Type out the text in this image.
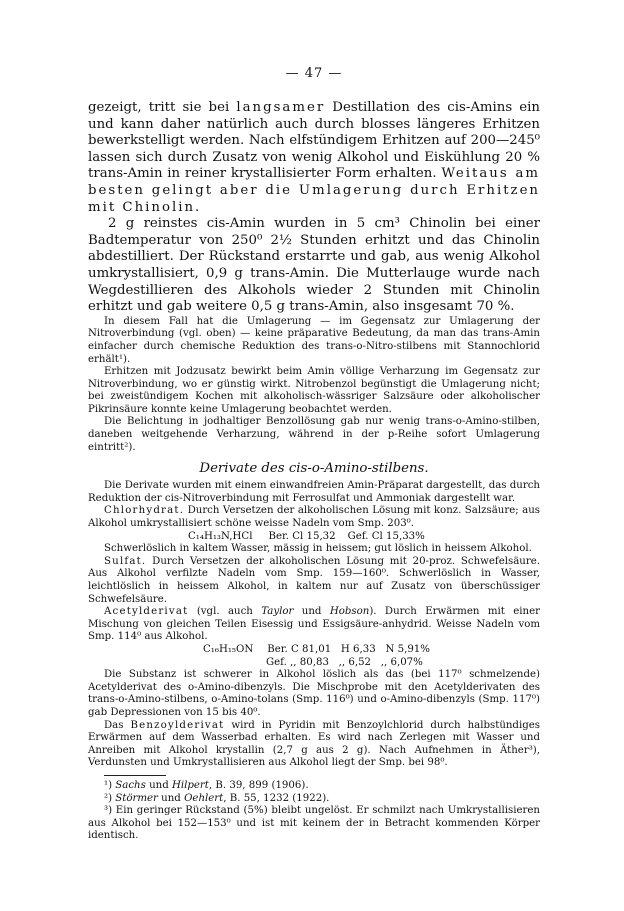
— 47 —

gezeigt, tritt sie bei langsamer Destillation des cis-Amins ein und kann daher natürlich auch durch blosses längeres Erhitzen bewerkstelligt werden. Nach elfstündigem Erhitzen auf 200—245⁰ lassen sich durch Zusatz von wenig Alkohol und Eiskühlung 20 % trans-Amin in reiner krystallisierter Form erhalten. Weitaus am besten gelingt aber die Umlagerung durch Erhitzen mit Chinolin.

2 g reinstes cis-Amin wurden in 5 cm³ Chinolin bei einer Badtemperatur von 250⁰ 2½ Stunden erhitzt und das Chinolin abdestilliert. Der Rückstand erstarrte und gab, aus wenig Alkohol umkrystallisiert, 0,9 g trans-Amin. Die Mutterlauge wurde nach Wegdestillieren des Alkohols wieder 2 Stunden mit Chinolin erhitzt und gab weitere 0,5 g trans-Amin, also insgesamt 70 %.

In diesem Fall hat die Umlagerung — im Gegensatz zur Umlagerung der Nitroverbindung (vgl. oben) — keine präparative Bedeutung, da man das trans-Amin einfacher durch chemische Reduktion des trans-o-Nitro-stilbens mit Stannochlorid erhält¹).

Erhitzen mit Jodzusatz bewirkt beim Amin völlige Verharzung im Gegensatz zur Nitroverbindung, wo er günstig wirkt. Nitrobenzol begünstigt die Umlagerung nicht; bei zweistündigem Kochen mit alkoholisch-wässriger Salzsäure oder alkoholischer Pikrinsäure konnte keine Umlagerung beobachtet werden.

Die Belichtung in jodhaltiger Benzollösung gab nur wenig trans-o-Amino-stilben, daneben weitgehende Verharzung, während in der p-Reihe sofort Umlagerung eintritt²).

Derivate des cis-o-Amino-stilbens.

Die Derivate wurden mit einem einwandfreien Amin-Präparat dargestellt, das durch Reduktion der cis-Nitroverbindung mit Ferrosulfat und Ammoniak dargestellt war.

Chlorhydrat. Durch Versetzen der alkoholischen Lösung mit konz. Salzsäure; aus Alkohol umkrystallisiert schöne weisse Nadeln vom Smp. 203⁰.

C₁₄H₁₃N,HCl Ber. Cl 15,32 Gef. Cl 15,33%

Schwerlöslich in kaltem Wasser, mässig in heissem; gut löslich in heissem Alkohol.

Sulfat. Durch Versetzen der alkoholischen Lösung mit 20-proz. Schwefelsäure. Aus Alkohol verfilzte Nadeln vom Smp. 159—160⁰. Schwerlöslich in Wasser, leichtlöslich in heissem Alkohol, in kaltem nur auf Zusatz von überschüssiger Schwefelsäure.

Acetylderivat (vgl. auch Taylor und Hobson). Durch Erwärmen mit einer Mischung von gleichen Teilen Eisessig und Essigsäure-anhydrid. Weisse Nadeln vom Smp. 114⁰ aus Alkohol.

C₁₆H₁₅ON Ber. C 81,01   H 6,33   N 5,91%
Gef. ,, 80,83   ,, 6,52   ,, 6,07%

Die Substanz ist schwerer in Alkohol löslich als das (bei 117⁰ schmelzende) Acetylderivat des o-Amino-dibenzyls. Die Mischprobe mit den Acetylderivaten des trans-o-Amino-stilbens, o-Amino-tolans (Smp. 116⁰) und o-Amino-dibenzyls (Smp. 117⁰) gab Depressionen von 15 bis 40⁰.

Das Benzoylderivat wird in Pyridin mit Benzoylchlorid durch halbstündiges Erwärmen auf dem Wasserbad erhalten. Es wird nach Zerlegen mit Wasser und Anreiben mit Alkohol krystallin (2,7 g aus 2 g). Nach Aufnehmen in Äther³), Verdunsten und Umkrystallisieren aus Alkohol liegt der Smp. bei 98⁰.

¹) Sachs und Hilpert, B. 39, 899 (1906).

²) Störmer und Oehlert, B. 55, 1232 (1922).

³) Ein geringer Rückstand (5%) bleibt ungelöst. Er schmilzt nach Umkrystallisieren aus Alkohol bei 152—153⁰ und ist mit keinem der in Betracht kommenden Körper identisch.
